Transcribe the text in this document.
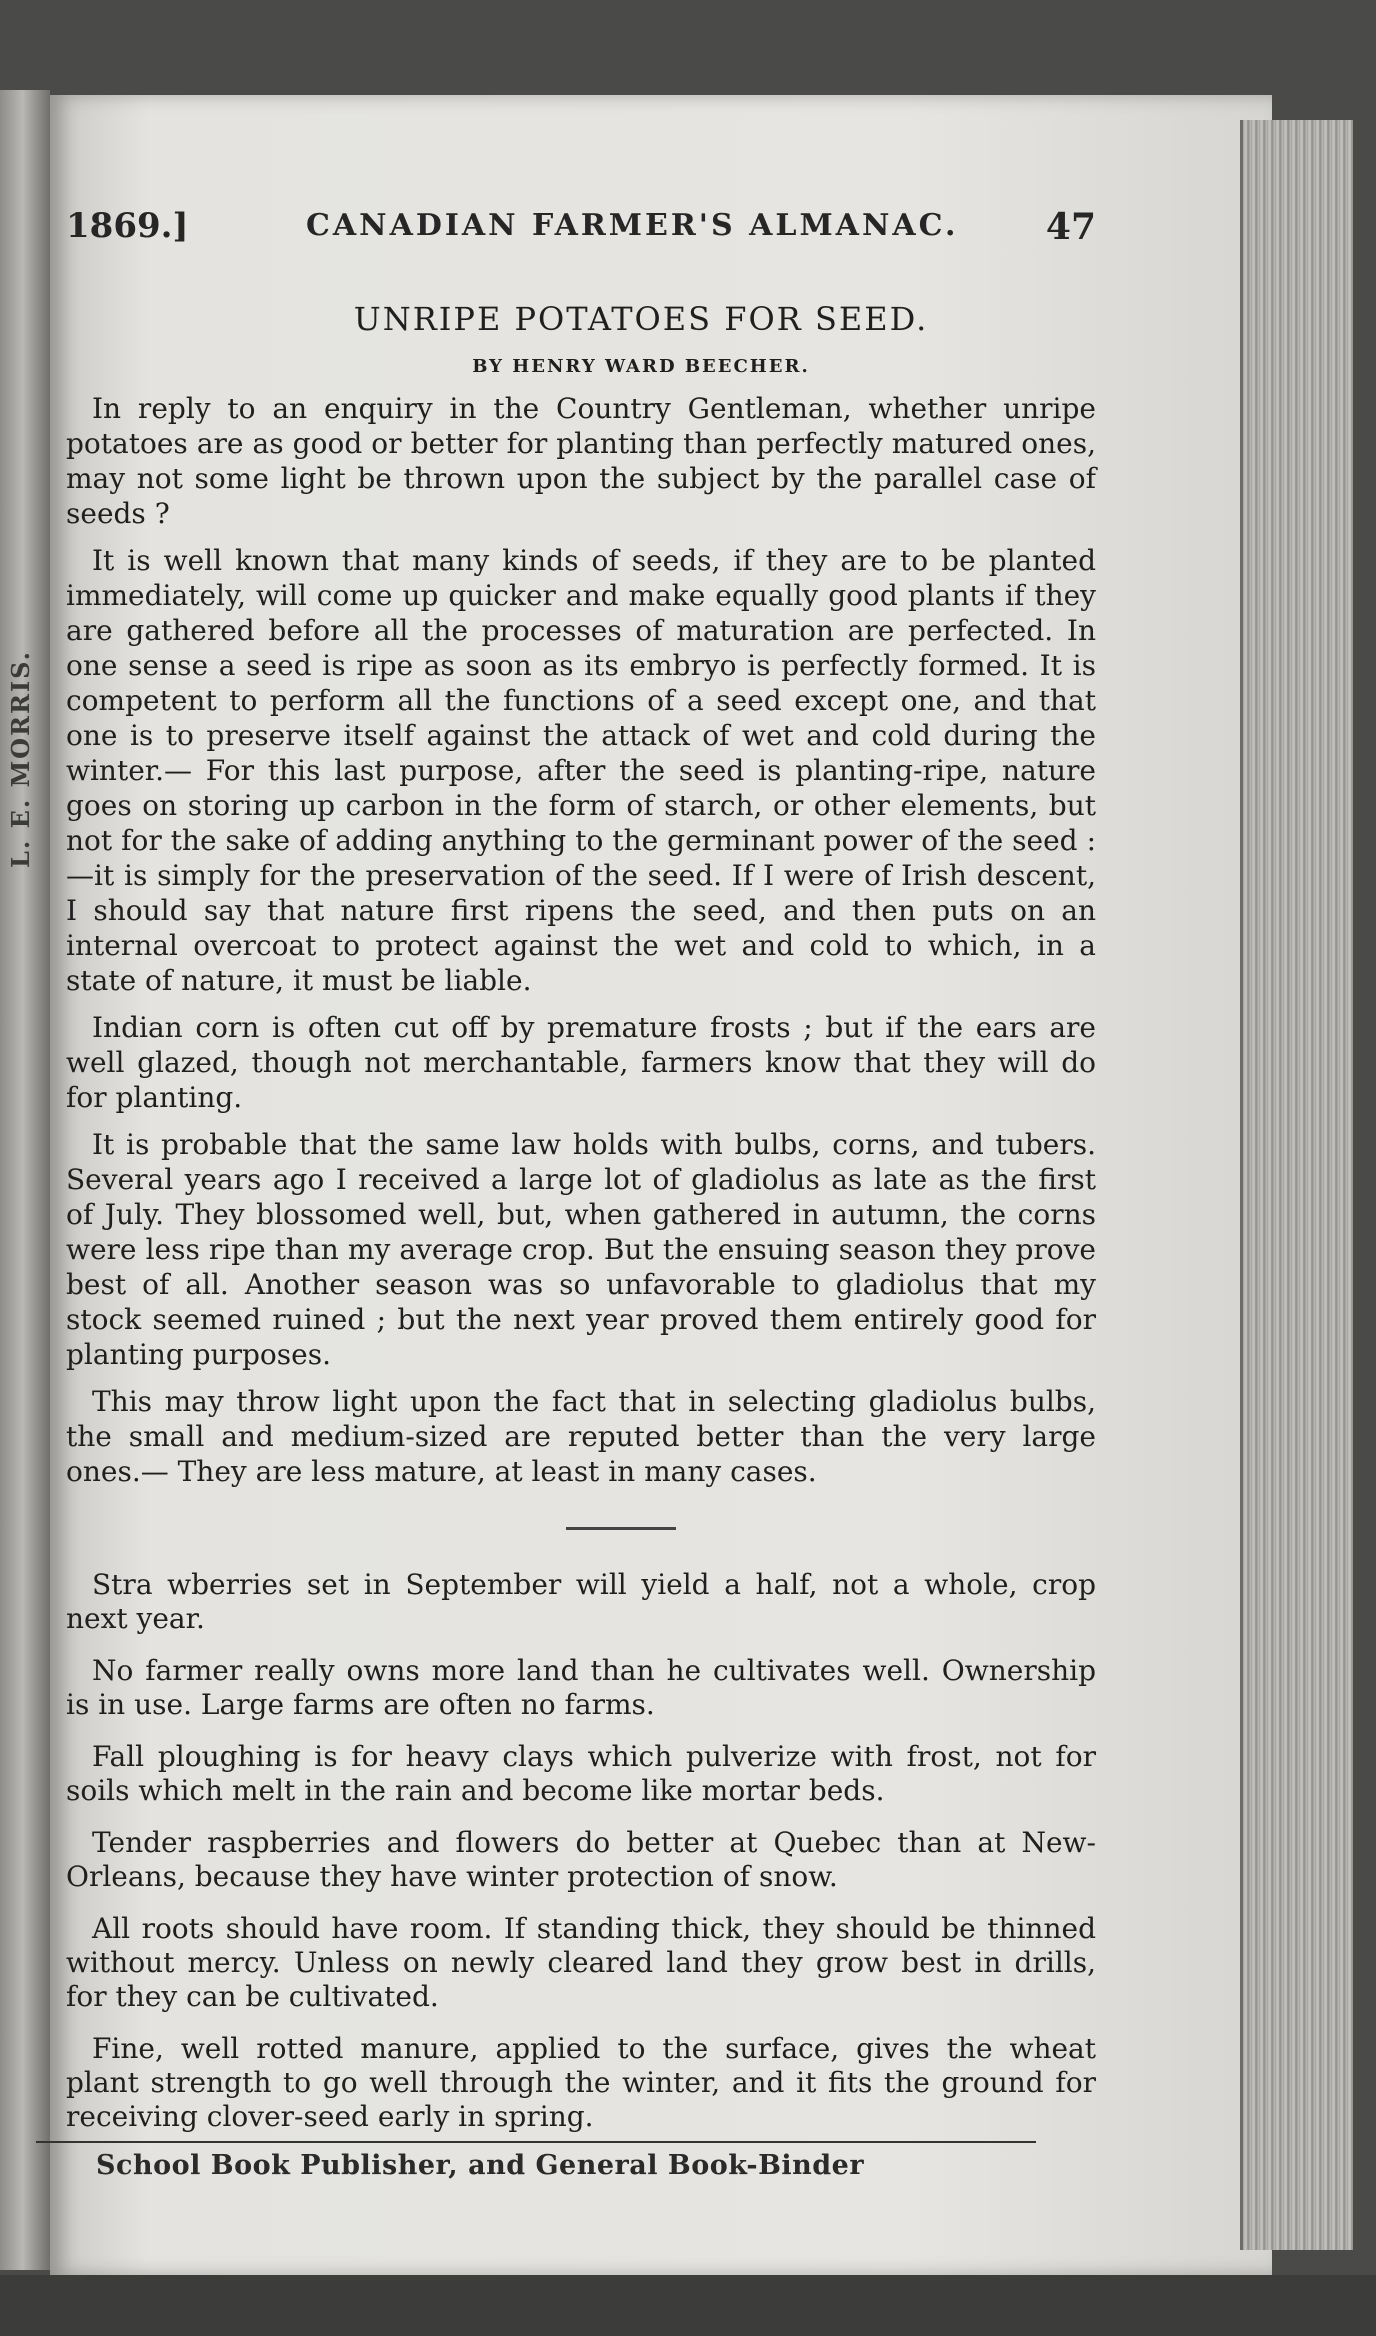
L. E. MORRIS.
1869.]	CANADIAN FARMER'S ALMANAC. 47
UNRIPE POTATOES FOR SEED.
BY HENRY WARD BEECHER.

In reply to an enquiry in the Country Gentleman, whether unripe potatoes are as good or better for planting than perfectly matured ones, may not some light be thrown upon the subject by the parallel case of seeds ?

It is well known that many kinds of seeds, if they are to be planted immediately, will come up quicker and make equally good plants if they are gathered before all the processes of maturation are perfected. In one sense a seed is ripe as soon as its embryo is perfectly formed. It is competent to perform all the functions of a seed except one, and that one is to preserve itself against the attack of wet and cold during the winter.— For this last purpose, after the seed is planting-ripe, nature goes on storing up carbon in the form of starch, or other elements, but not for the sake of adding anything to the germinant power of the seed :—it is simply for the preservation of the seed. If I were of Irish descent, I should say that nature first ripens the seed, and then puts on an internal overcoat to protect against the wet and cold to which, in a state of nature, it must be liable.

Indian corn is often cut off by premature frosts ; but if the ears are well glazed, though not merchantable, farmers know that they will do for planting.

It is probable that the same law holds with bulbs, corns, and tubers. Several years ago I received a large lot of gladiolus as late as the first of July. They blossomed well, but, when gathered in autumn, the corns were less ripe than my average crop. But the ensuing season they prove best of all. Another season was so unfavorable to gladiolus that my stock seemed ruined ; but the next year proved them entirely good for planting purposes.

This may throw light upon the fact that in selecting gladiolus bulbs, the small and medium-sized are reputed better than the very large ones.— They are less mature, at least in many cases.

Stra wberries set in September will yield a half, not a whole, crop next year.

No farmer really owns more land than he cultivates well. Ownership is in use. Large farms are often no farms.

Fall ploughing is for heavy clays which pulverize with frost, not for soils which melt in the rain and become like mortar beds.

Tender raspberries and flowers do better at Quebec than at New-Orleans, because they have winter protection of snow.

All roots should have room. If standing thick, they should be thinned without mercy. Unless on newly cleared land they grow best in drills, for they can be cultivated.

Fine, well rotted manure, applied to the surface, gives the wheat plant strength to go well through the winter, and it fits the ground for receiving clover-seed early in spring.

School Book Publisher, and General Book-Binder
